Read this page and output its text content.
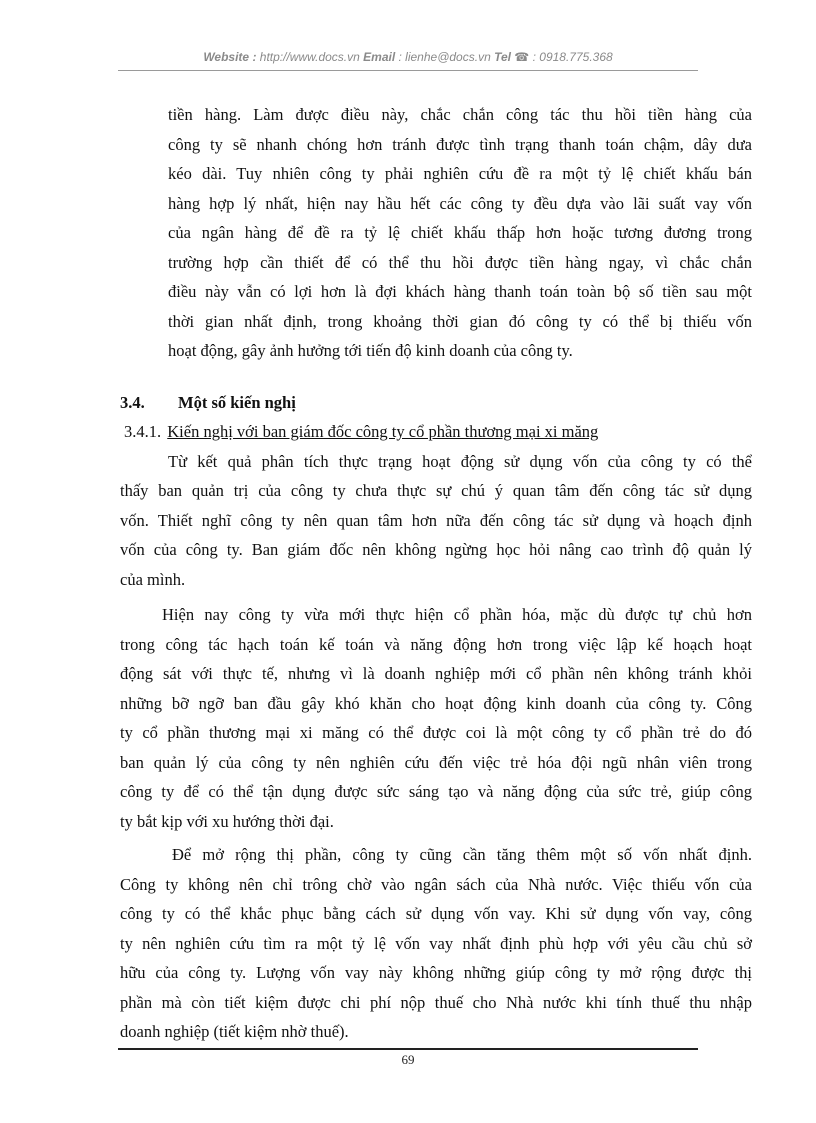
Website : http://www.docs.vn Email : lienhe@docs.vn Tel ☎ : 0918.775.368
tiền hàng. Làm được điều này, chắc chắn công tác thu hồi tiền hàng của
công ty sẽ nhanh chóng hơn tránh được tình trạng thanh toán chậm, dây dưa
kéo dài. Tuy nhiên công ty phải nghiên cứu đề ra một tỷ lệ chiết khấu bán
hàng hợp lý nhất, hiện nay hầu hết các công ty đều dựa vào lãi suất vay vốn
của ngân hàng để đề ra tỷ lệ chiết khấu thấp hơn hoặc tương đương trong
trường hợp cần thiết để có thể thu hồi được tiền hàng ngay, vì chắc chắn
điều này vẫn có lợi hơn là đợi khách hàng thanh toán toàn bộ số tiền sau một
thời gian nhất định, trong khoảng thời gian đó công ty có thể bị thiếu vốn
hoạt động, gây ảnh hưởng tới tiến độ kinh doanh của công ty.
3.4. Một số kiến nghị
3.4.1. Kiến nghị với ban giám đốc công ty cổ phần thương mại xi măng
Từ kết quả phân tích thực trạng hoạt động sử dụng vốn của công ty có thể
thấy ban quản trị của công ty chưa thực sự chú ý quan tâm đến công tác sử dụng
vốn. Thiết nghĩ công ty nên quan tâm hơn nữa đến công tác sử dụng và hoạch định
vốn của công ty. Ban giám đốc nên không ngừng học hỏi nâng cao trình độ quản lý
của mình.
Hiện nay công ty vừa mới thực hiện cổ phần hóa, mặc dù được tự chủ hơn
trong công tác hạch toán kế toán và năng động hơn trong việc lập kế hoạch hoạt
động sát với thực tế, nhưng vì là doanh nghiệp mới cổ phần nên không tránh khỏi
những bỡ ngỡ ban đầu gây khó khăn cho hoạt động kinh doanh của công ty. Công
ty cổ phần thương mại xi măng có thể được coi là một công ty cổ phần trẻ do đó
ban quản lý của công ty nên nghiên cứu đến việc trẻ hóa đội ngũ nhân viên trong
công ty để có thể tận dụng được sức sáng tạo và năng động của sức trẻ, giúp công
ty bắt kịp với xu hướng thời đại.
Để mở rộng thị phần, công ty cũng cần tăng thêm một số vốn nhất định.
Công ty không nên chỉ trông chờ vào ngân sách của Nhà nước. Việc thiếu vốn của
công ty có thể khắc phục bằng cách sử dụng vốn vay. Khi sử dụng vốn vay, công
ty nên nghiên cứu tìm ra một tỷ lệ vốn vay nhất định phù hợp với yêu cầu chủ sở
hữu của công ty. Lượng vốn vay này không những giúp công ty mở rộng được thị
phần mà còn tiết kiệm được chi phí nộp thuế cho Nhà nước khi tính thuế thu nhập
doanh nghiệp (tiết kiệm nhờ thuế).
69
